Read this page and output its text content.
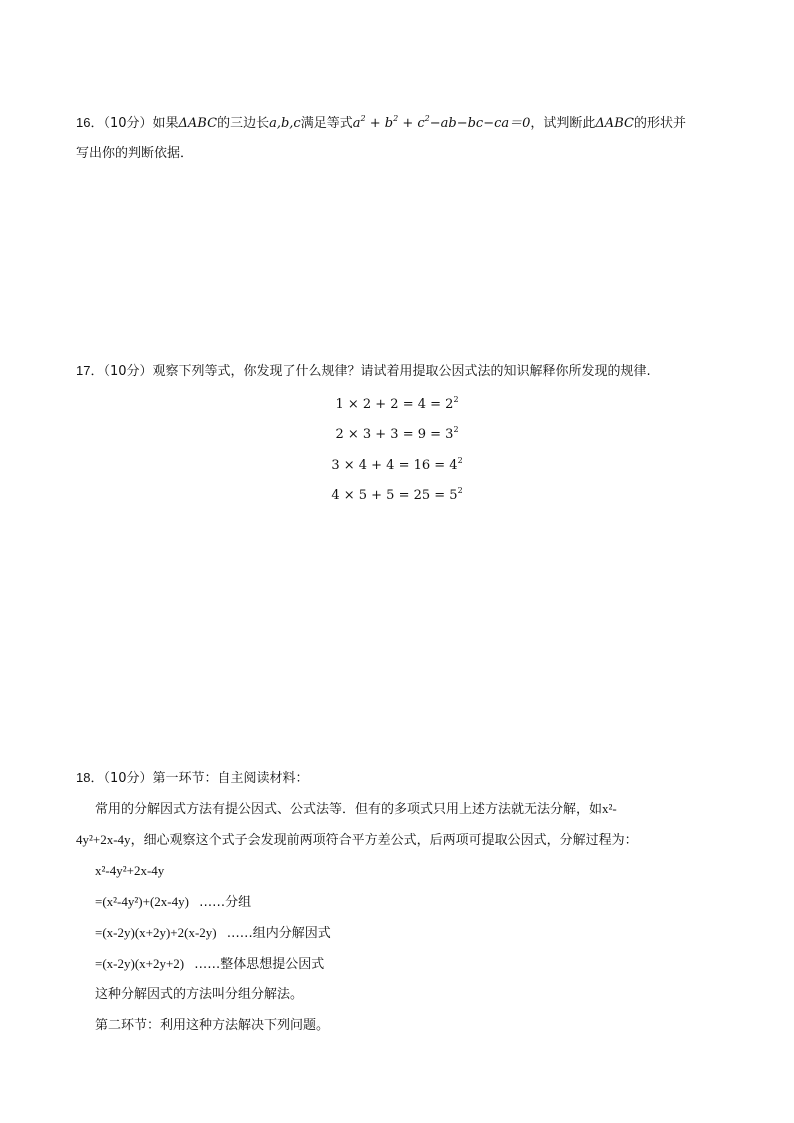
16．（10分）如果ΔABC的三边长a,b,c满足等式$a^2 + b^2 + c^2-ab-bc-ca=0$，试判断此ΔABC的形状并
写出你的判断依据．
17．（10分）观察下列等式，你发现了什么规律？请试着用提取公因式法的知识解释你所发现的规律.
$1 \times 2 + 2 = 4 = 2^2$
$2 \times 3 + 3 = 9 = 3^2$
$3 \times 4 + 4 = 16 = 4^2$
$4 \times 5 + 5 = 25 = 5^2$
18．（10分）第一环节：自主阅读材料：
常用的分解因式方法有提公因式、公式法等．但有的多项式只用上述方法就无法分解，如x²-
4y²+2x-4y，细心观察这个式子会发现前两项符合平方差公式，后两项可提取公因式，分解过程为：
x²-4y²+2x-4y
=(x²-4y²)+(2x-4y) ……分组
=(x-2y)(x+2y)+2(x-2y) ……组内分解因式
=(x-2y)(x+2y+2) ……整体思想提公因式
这种分解因式的方法叫分组分解法。
第二环节：利用这种方法解决下列问题。
